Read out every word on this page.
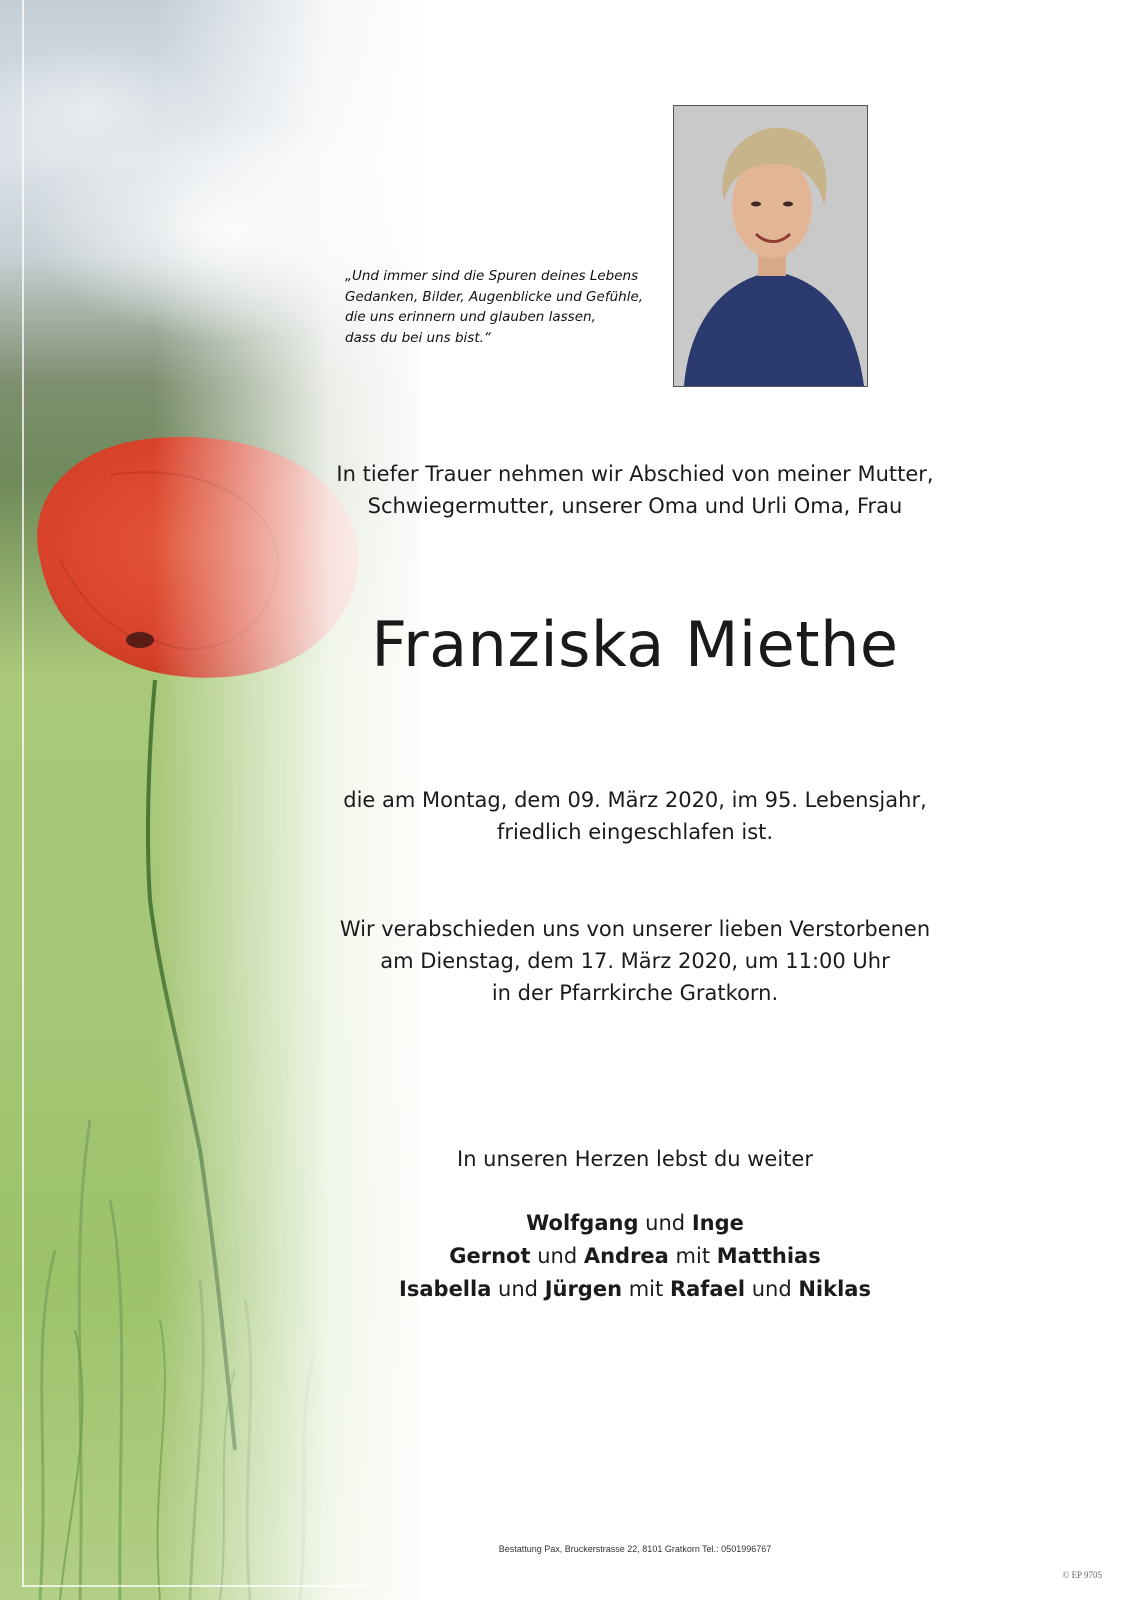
„Und immer sind die Spuren deines Lebens
Gedanken, Bilder, Augenblicke und Gefühle,
die uns erinnern und glauben lassen,
dass du bei uns bist.“
In tiefer Trauer nehmen wir Abschied von meiner Mutter,
Schwiegermutter, unserer Oma und Urli Oma, Frau
Franziska Miethe
die am Montag, dem 09. März 2020, im 95. Lebensjahr,
friedlich eingeschlafen ist.
Wir verabschieden uns von unserer lieben Verstorbenen
am Dienstag, dem 17. März 2020, um 11:00 Uhr
in der Pfarrkirche Gratkorn.
In unseren Herzen lebst du weiter
Wolfgang und Inge
Gernot und Andrea mit Matthias
Isabella und Jürgen mit Rafael und Niklas
Bestattung Pax, Bruckerstrasse 22, 8101 Gratkorn Tel.: 0501996767
© EP 9705
